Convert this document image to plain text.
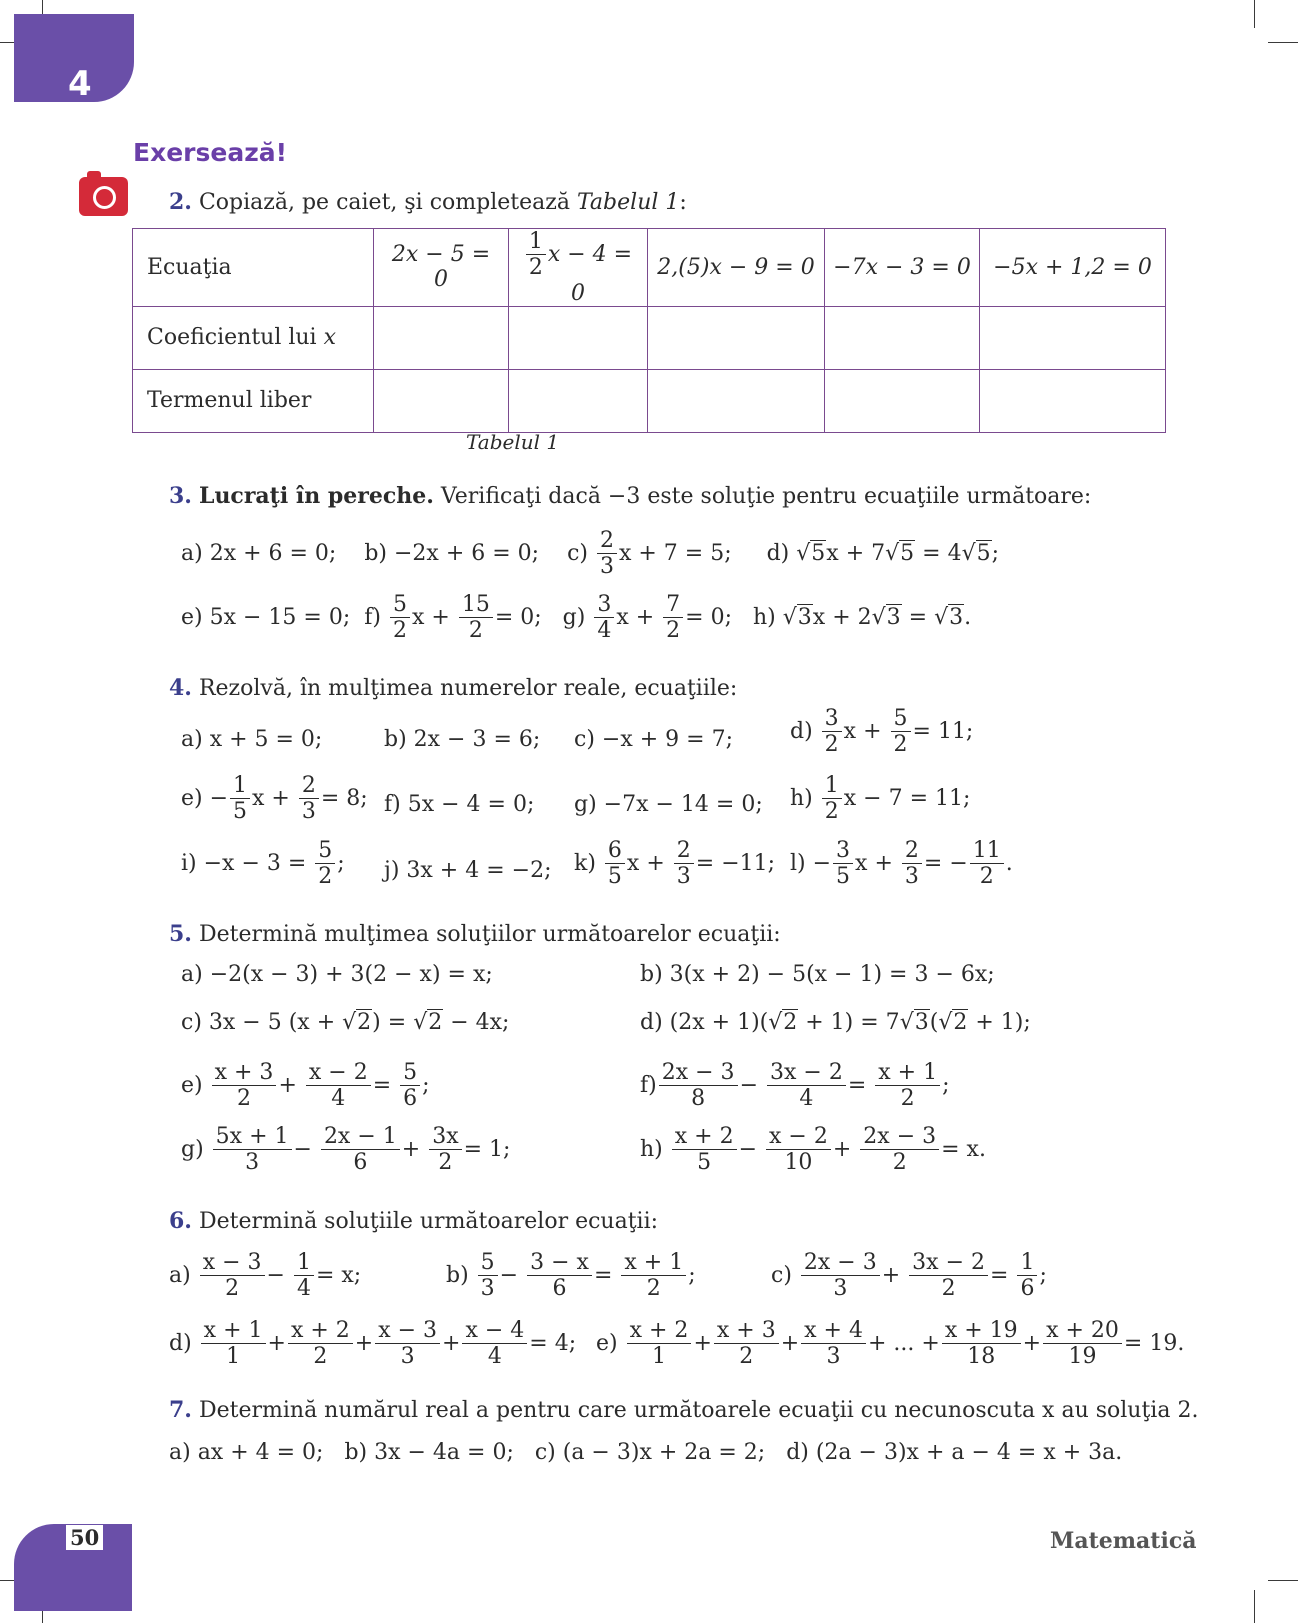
4
Exersează!
2. Copiază, pe caiet, şi completează Tabelul 1:
Ecuaţia	2x − 5 = 0	$\frac{1}{2}$ x − 4 = 0	2,(5)x − 9 = 0	−7x − 3 = 0	−5x + 1,2 = 0
Coeficientul lui x					
Termenul liber					
Tabelul 1
3. Lucraţi în pereche. Verificaţi dacă −3 este soluţie pentru ecuaţiile următoare:
a) 2x + 6 = 0; b) −2x + 6 = 0; $c) \frac{2}{3}$ x + 7 = 5; d) √5x + 7√5 = 4√5;
e) 5x − 15 = 0; $f) \frac{5}{2}$ $x + \frac{15}{2} = 0$; $g) \frac{3}{4}$ $x + \frac{7}{2} = 0$; h) √3x + 2√3 = √3.
4. Rezolvă, în mulţimea numerelor reale, ecuaţiile:
a) x + 5 = 0;	b) 2x − 3 = 6; c) −x + 9 = 7;	$d) \frac{3}{2}$ $x + \frac{5}{2} = 11$;
$e) - \frac{1}{5}$ $x + \frac{2}{3} = 8$; f) 5x − 4 = 0; g) −7x − 14 = 0; $h) \frac{1}{2}$ x − 7 = 11;
$i) -x - 3 = \frac{5}{2}$ ; j) 3x + 4 = −2; $k) \frac{6}{5}$ $x + \frac{2}{3} = -11$; $l) - \frac{3}{5}$ $x + \frac{2}{3}$ = − $\frac{11}{2}$ .
5. Determină mulţimea soluţiilor următoarelor ecuaţii:
a) −2(x − 3) + 3(2 − x) = x;	b) 3(x + 2) − 5(x − 1) = 3 − 6x;
c) 3x − 5 (x + √2) = √2 − 4x;	d) (2x + 1)(√2 + 1) = 7√3(√2 + 1);
$e) \frac{x + 3}{2} + \frac{x - 2}{4} = \frac{5}{6}$ ;	$f) \frac{2x - 3}{8} - \frac{3x - 2}{4} = \frac{x + 1}{2}$ ;
$g) \frac{5x + 1}{3} - \frac{2x - 1}{6} + \frac{3x}{2} = 1$;	$h) \frac{x + 2}{5} - \frac{x - 2}{10} + \frac{2x - 3}{2} = x$.
6. Determină soluţiile următoarelor ecuaţii:
$a) \frac{x - 3}{2} - \frac{1}{4} = x$;	$b) \frac{5}{3} - \frac{3 - x}{6} = \frac{x + 1}{2}$ ;	$c) \frac{2x - 3}{3} + \frac{3x - 2}{2} = \frac{1}{6}$ ;
$d) \frac{x + 1}{1} + \frac{x + 2}{2} + \frac{x - 3}{3} + \frac{x - 4}{4} = 4$; $e) \frac{x + 2}{1} + \frac{x + 3}{2} + \frac{x + 4}{3}$ + ... + $\frac{x + 19}{18} + \frac{x + 20}{19} = 19$.
7. Determină numărul real a pentru care următoarele ecuaţii cu necunoscuta x au soluţia 2.
a) ax + 4 = 0;   b) 3x − 4a = 0;   c) (a − 3)x + 2a = 2;   d) (2a − 3)x + a − 4 = x + 3a.
50	Matematică
